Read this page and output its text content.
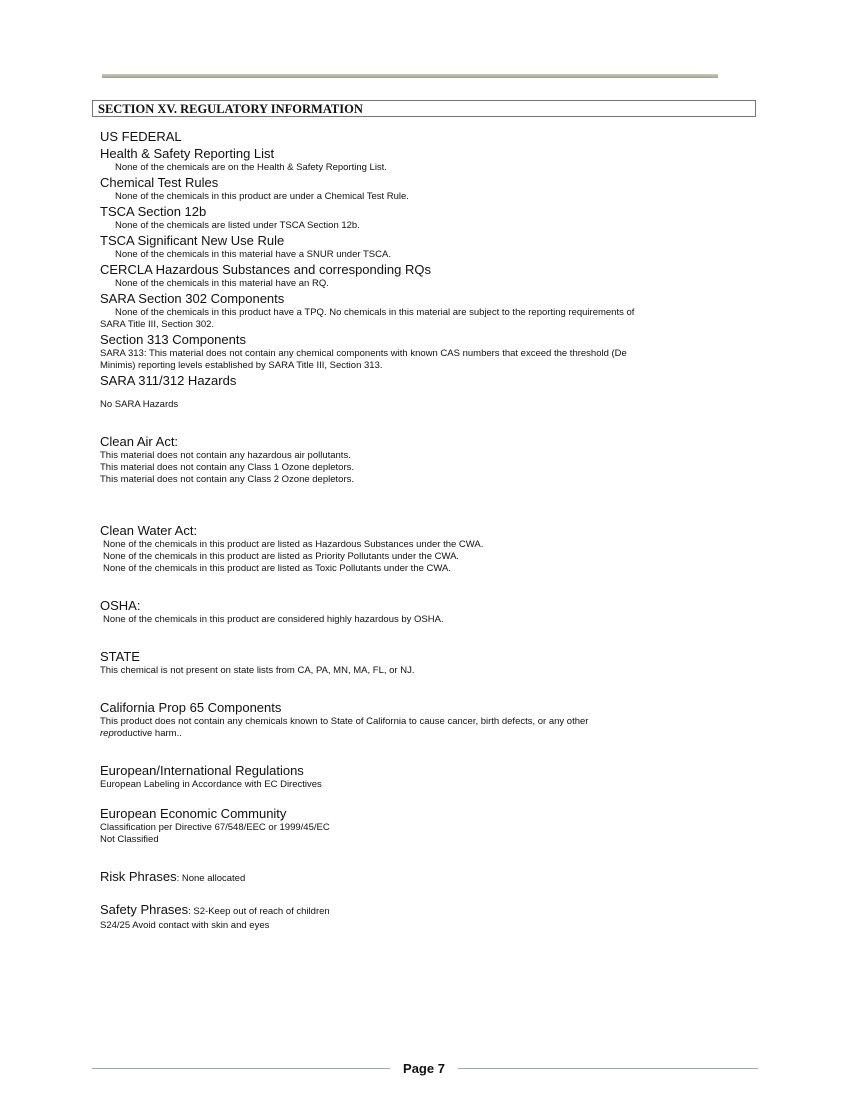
SECTION XV. REGULATORY INFORMATION
US FEDERAL
Health & Safety Reporting List
None of the chemicals are on the Health & Safety Reporting List.
Chemical Test Rules
None of the chemicals in this product are under a Chemical Test Rule.
TSCA Section 12b
None of the chemicals are listed under TSCA Section 12b.
TSCA Significant New Use Rule
None of the chemicals in this material have a SNUR under TSCA.
CERCLA Hazardous Substances and corresponding RQs
None of the chemicals in this material have an RQ.
SARA Section 302 Components
None of the chemicals in this product have a TPQ. No chemicals in this material are subject to the reporting requirements of
SARA Title III, Section 302.
Section 313 Components
SARA 313: This material does not contain any chemical components with known CAS numbers that exceed the threshold (De
Minimis) reporting levels established by SARA Title III, Section 313.
SARA 311/312 Hazards
No SARA Hazards
Clean Air Act:
This material does not contain any hazardous air pollutants.
This material does not contain any Class 1 Ozone depletors.
This material does not contain any Class 2 Ozone depletors.
Clean Water Act:
None of the chemicals in this product are listed as Hazardous Substances under the CWA.
None of the chemicals in this product are listed as Priority Pollutants under the CWA.
None of the chemicals in this product are listed as Toxic Pollutants under the CWA.
OSHA:
None of the chemicals in this product are considered highly hazardous by OSHA.
STATE
This chemical is not present on state lists from CA, PA, MN, MA, FL, or NJ.
California Prop 65 Components
This product does not contain any chemicals known to State of California to cause cancer, birth defects, or any other
reproductive harm..
European/International Regulations
European Labeling in Accordance with EC Directives
European Economic Community
Classification per Directive 67/548/EEC or 1999/45/EC
Not Classified
Risk Phrases: None allocated
Safety Phrases: S2-Keep out of reach of children
S24/25 Avoid contact with skin and eyes
Page 7
